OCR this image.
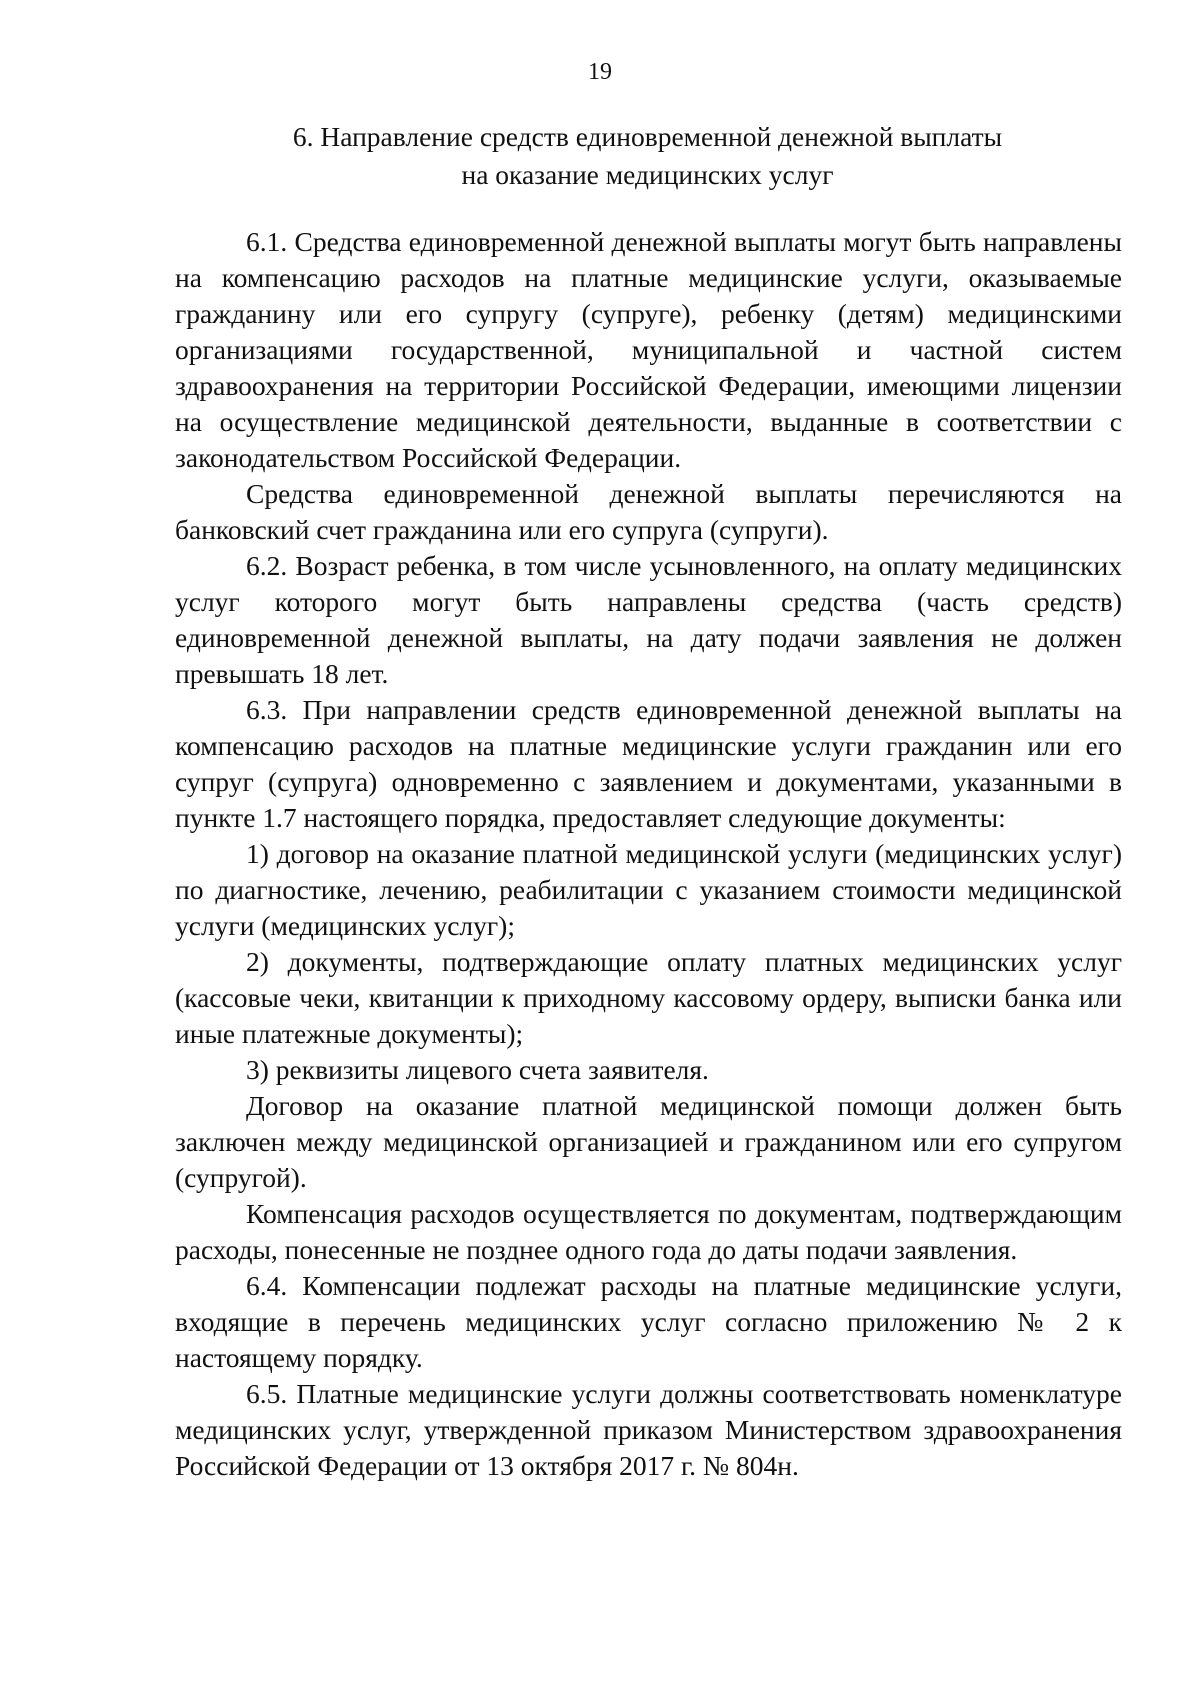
19
6. Направление средств единовременной денежной выплаты
на оказание медицинских услуг

6.1. Средства единовременной денежной выплаты могут быть направлены на компенсацию расходов на платные медицинские услуги, оказываемые гражданину или его супругу (супруге), ребенку (детям) медицинскими организациями государственной, муниципальной и частной систем здравоохранения на территории Российской Федерации, имеющими лицензии на осуществление медицинской деятельности, выданные в соответствии с законодательством Российской Федерации.

Средства единовременной денежной выплаты перечисляются на банковский счет гражданина или его супруга (супруги).

6.2. Возраст ребенка, в том числе усыновленного, на оплату медицинских услуг которого могут быть направлены средства (часть средств) единовременной денежной выплаты, на дату подачи заявления не должен превышать 18 лет.

6.3. При направлении средств единовременной денежной выплаты на компенсацию расходов на платные медицинские услуги гражданин или его супруг (супруга) одновременно с заявлением и документами, указанными в пункте 1.7 настоящего порядка, предоставляет следующие документы:

1) договор на оказание платной медицинской услуги (медицинских услуг) по диагностике, лечению, реабилитации с указанием стоимости медицинской услуги (медицинских услуг);

2) документы, подтверждающие оплату платных медицинских услуг (кассовые чеки, квитанции к приходному кассовому ордеру, выписки банка или иные платежные документы);

3) реквизиты лицевого счета заявителя.

Договор на оказание платной медицинской помощи должен быть заключен между медицинской организацией и гражданином или его супругом (супругой).

Компенсация расходов осуществляется по документам, подтверждающим расходы, понесенные не позднее одного года до даты подачи заявления.

6.4. Компенсации подлежат расходы на платные медицинские услуги, входящие в перечень медицинских услуг согласно приложению № 2 к настоящему порядку.

6.5. Платные медицинские услуги должны соответствовать номенклатуре медицинских услуг, утвержденной приказом Министерством здравоохранения Российской Федерации от 13 октября 2017 г. № 804н.
